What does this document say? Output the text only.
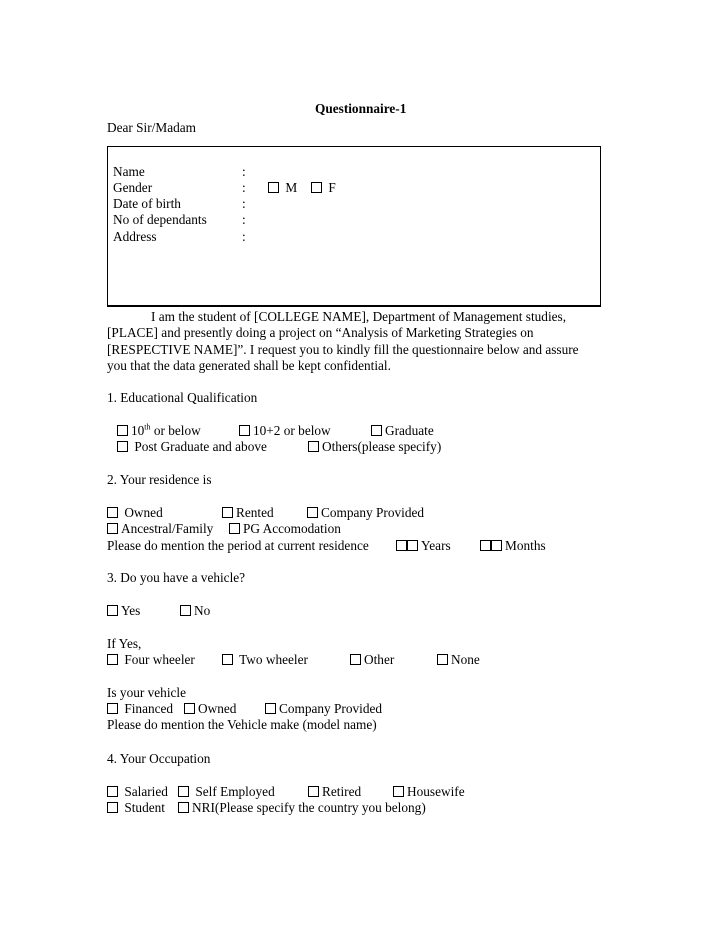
Questionnaire-1
Dear Sir/Madam
Name	:
Gender	:	M	F
Date of birth	:
No of dependants	:
Address	:
I am the student of [COLLEGE NAME], Department of Management studies,
[PLACE] and presently doing a project on “Analysis of Marketing Strategies on
[RESPECTIVE NAME]”. I request you to kindly fill the questionnaire below and assure
you that the data generated shall be kept confidential.
1. Educational Qualification
10th or below	10+2 or below	Graduate
Post Graduate and above	Others(please specify)
2. Your residence is
Owned	Rented	Company Provided
Ancestral/Family	PG Accomodation
Please do mention the period at current residence	Years	Months
3. Do you have a vehicle?
Yes	No
If Yes,
Four wheeler	Two wheeler	Other	None
Is your vehicle
Financed	Owned	Company Provided
Please do mention the Vehicle make (model name)
4. Your Occupation
Salaried	Self Employed	Retired	Housewife
Student	NRI(Please specify the country you belong)
